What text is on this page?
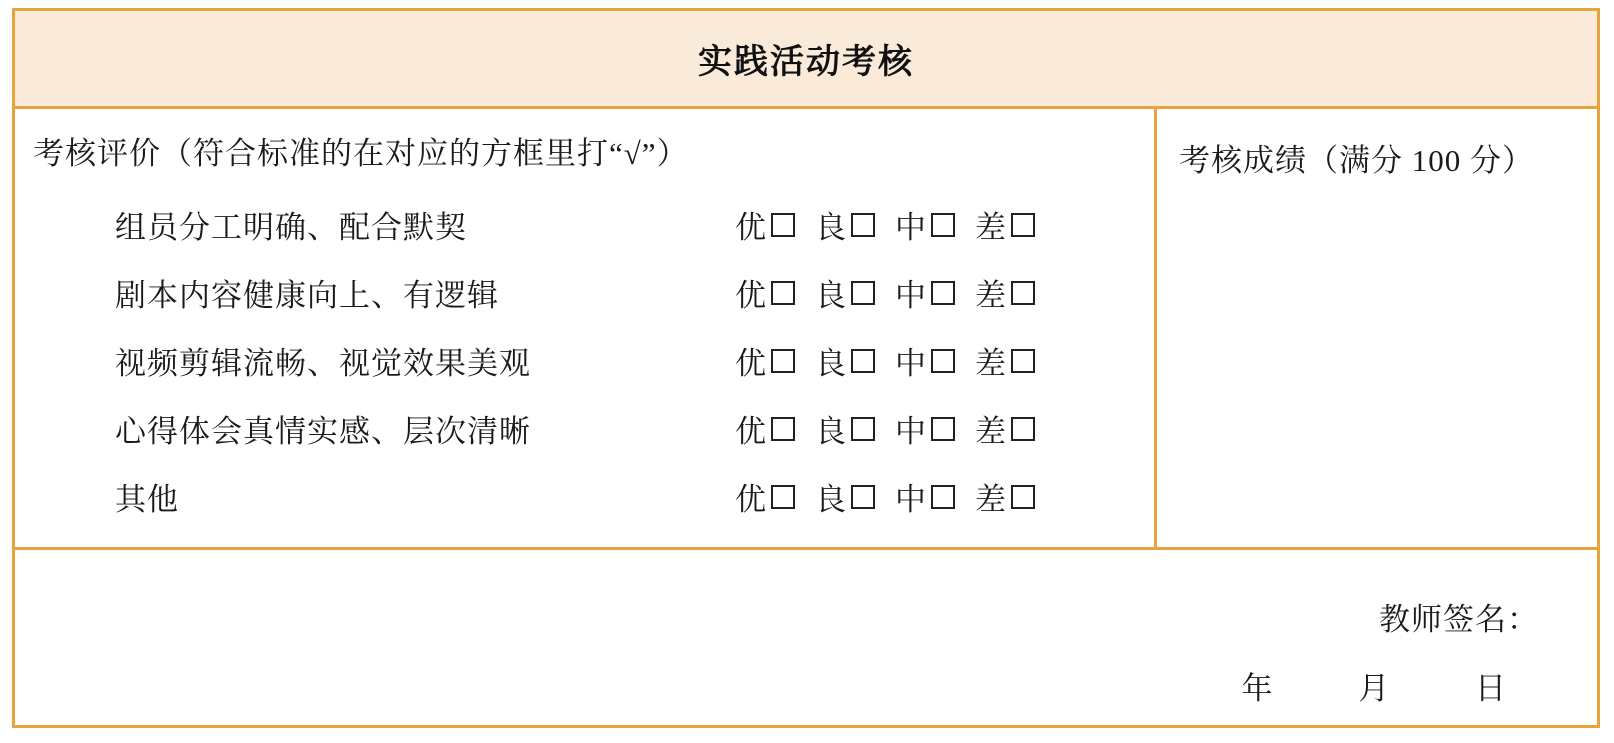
实践活动考核
考核评价（符合标准的在对应的方框里打“√”）
组员分工明确、配合默契	优 良 中 差
剧本内容健康向上、有逻辑	优 良 中 差
视频剪辑流畅、视觉效果美观	优 良 中 差
心得体会真情实感、层次清晰	优 良 中 差
其他	优 良 中 差
考核成绩（满分 100 分）
教师签名：
年	月	日
